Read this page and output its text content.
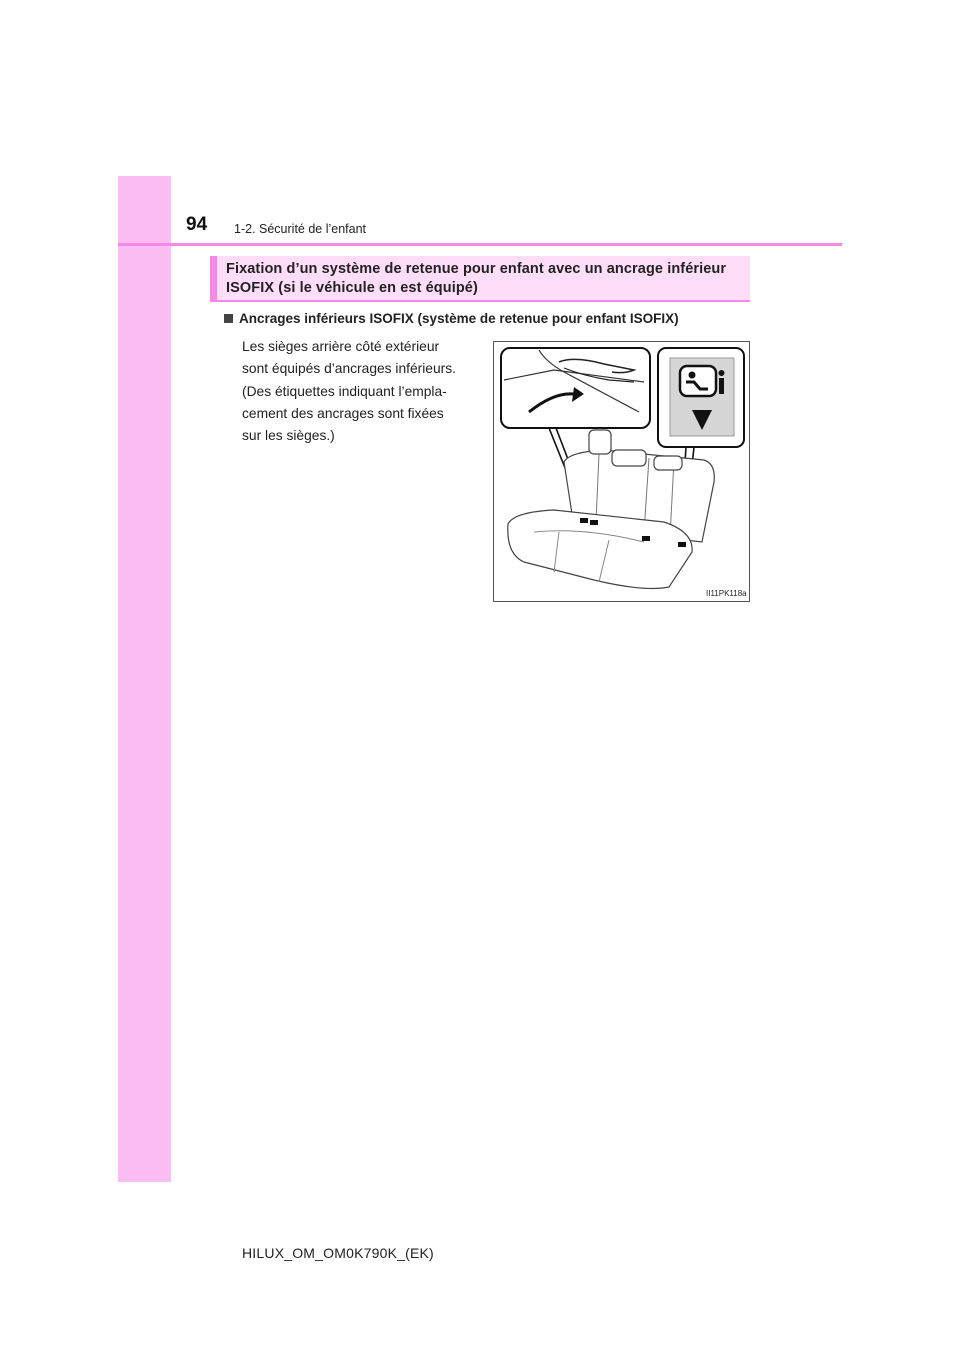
94 1-2. Sécurité de l’enfant
Fixation d’un système de retenue pour enfant avec un ancrage inférieur
ISOFIX (si le véhicule en est équipé)
Ancrages inférieurs ISOFIX (système de retenue pour enfant ISOFIX)
Les sièges arrière côté extérieur
sont équipés d’ancrages inférieurs.
(Des étiquettes indiquant l’empla-
cement des ancrages sont fixées
sur les sièges.)
II11PK118a
HILUX_OM_OM0K790K_(EK)
